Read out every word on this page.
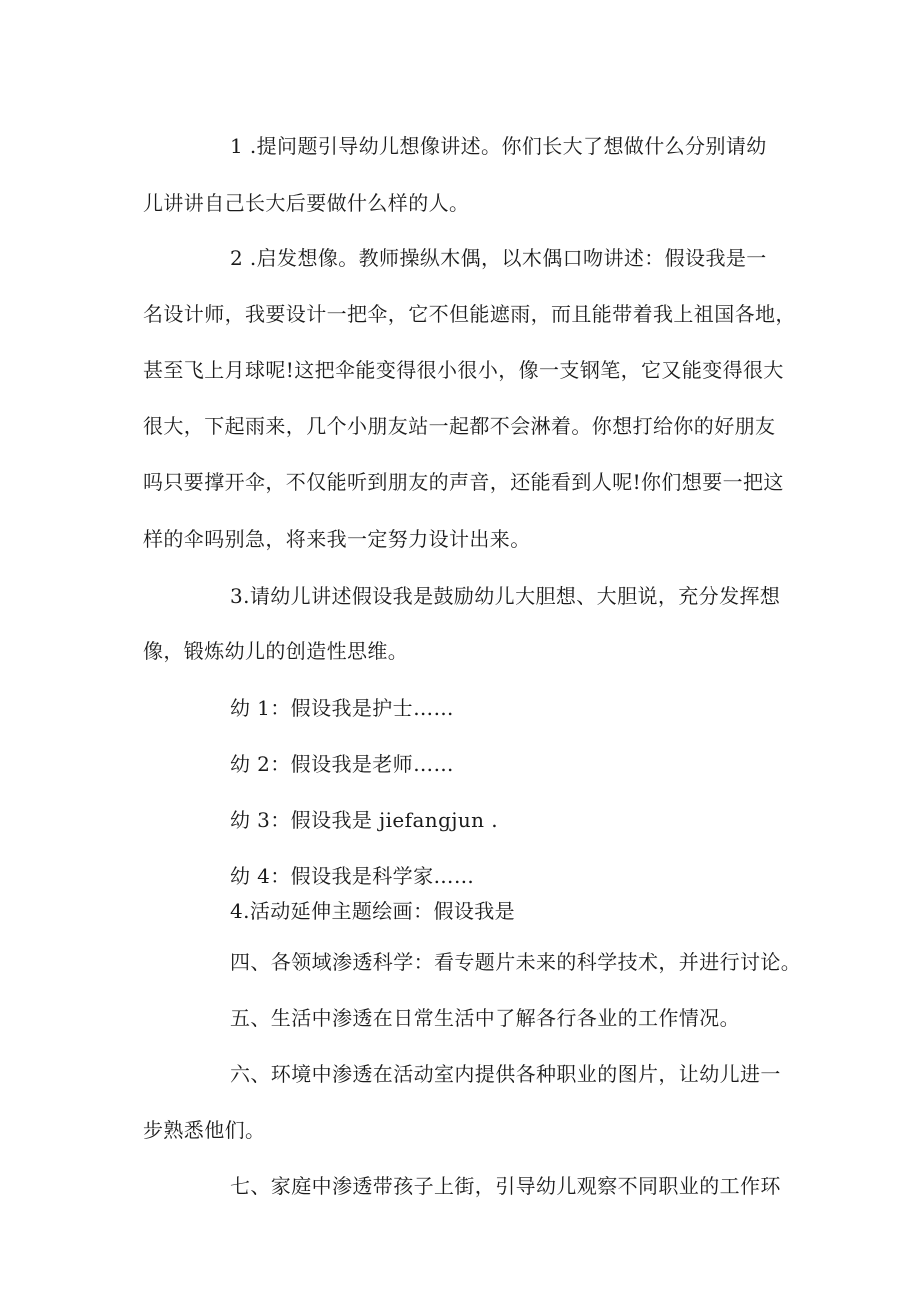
1 .提问题引导幼儿想像讲述。你们长大了想做什么分别请幼
儿讲讲自己长大后要做什么样的人。
2 .启发想像。教师操纵木偶，以木偶口吻讲述：假设我是一
名设计师，我要设计一把伞，它不但能遮雨，而且能带着我上祖国各地，
甚至飞上月球呢!这把伞能变得很小很小，像一支钢笔，它又能变得很大
很大，下起雨来，几个小朋友站一起都不会淋着。你想打给你的好朋友
吗只要撑开伞，不仅能听到朋友的声音，还能看到人呢!你们想要一把这
样的伞吗别急，将来我一定努力设计出来。
3.请幼儿讲述假设我是鼓励幼儿大胆想、大胆说，充分发挥想
像，锻炼幼儿的创造性思维。
幼 1：假设我是护士……
幼 2：假设我是老师……
幼 3：假设我是 jiefangjun .
幼 4：假设我是科学家……
4.活动延伸主题绘画：假设我是
四、各领域渗透科学：看专题片未来的科学技术，并进行讨论。
五、生活中渗透在日常生活中了解各行各业的工作情况。
六、环境中渗透在活动室内提供各种职业的图片，让幼儿进一
步熟悉他们。
七、家庭中渗透带孩子上街，引导幼儿观察不同职业的工作环
